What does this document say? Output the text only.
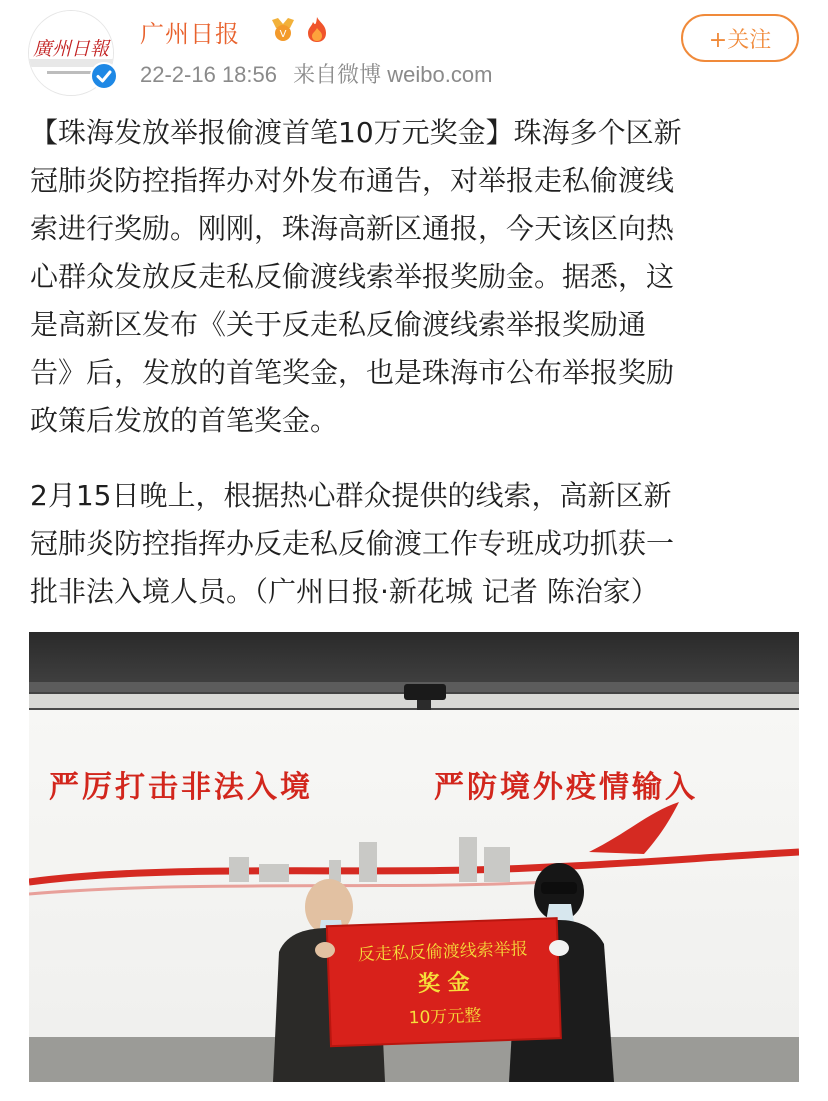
廣州日報
广州日报	V
22-2-16 18:56 来自微博 weibo.com
+关注
【珠海发放举报偷渡首笔10万元奖金】珠海多个区新
冠肺炎防控指挥办对外发布通告，对举报走私偷渡线
索进行奖励。刚刚，珠海高新区通报，今天该区向热
心群众发放反走私反偷渡线索举报奖励金。据悉，这
是高新区发布《关于反走私反偷渡线索举报奖励通
告》后，发放的首笔奖金，也是珠海市公布举报奖励
政策后发放的首笔奖金。
2月15日晚上，根据热心群众提供的线索，高新区新
冠肺炎防控指挥办反走私反偷渡工作专班成功抓获一
批非法入境人员。（广州日报·新花城 记者 陈治家）
严厉打击非法入境	严防境外疫情输入
反走私反偷渡线索举报
奖 金
10万元整
